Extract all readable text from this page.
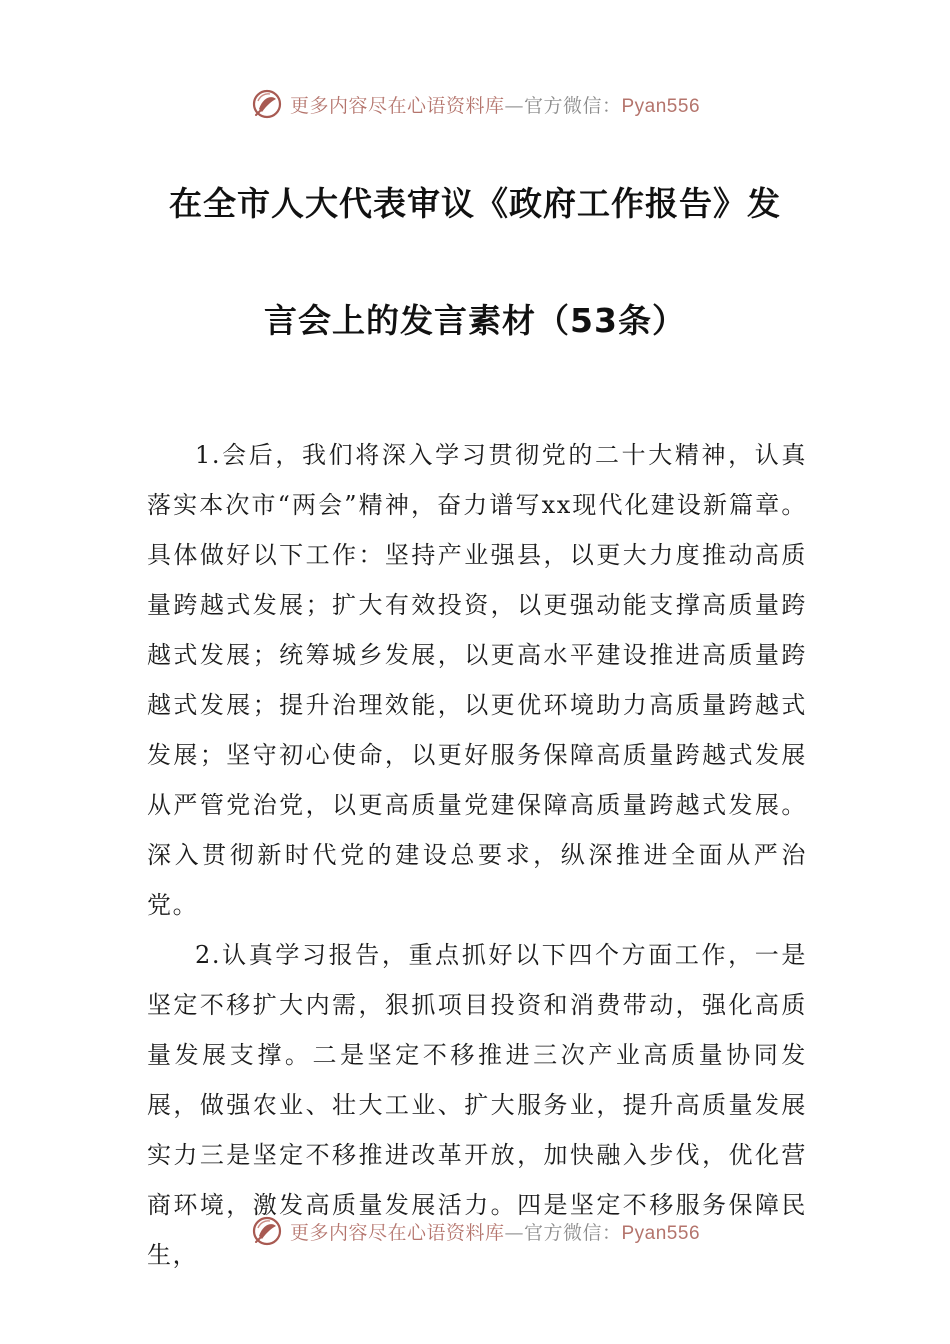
更多内容尽在心语资料库—官方微信：Pyan556
在全市人大代表审议《政府工作报告》发
言会上的发言素材（53条）

1.会后，我们将深入学习贯彻党的二十大精神，认真落实本次市“两会”精神，奋力谱写xx现代化建设新篇章。具体做好以下工作：坚持产业强县，以更大力度推动高质量跨越式发展；扩大有效投资，以更强动能支撑高质量跨越式发展；统筹城乡发展，以更高水平建设推进高质量跨越式发展；提升治理效能，以更优环境助力高质量跨越式发展；坚守初心使命，以更好服务保障高质量跨越式发展从严管党治党，以更高质量党建保障高质量跨越式发展。深入贯彻新时代党的建设总要求，纵深推进全面从严治党。

2.认真学习报告，重点抓好以下四个方面工作，一是坚定不移扩大内需，狠抓项目投资和消费带动，强化高质量发展支撑。二是坚定不移推进三次产业高质量协同发展，做强农业、壮大工业、扩大服务业，提升高质量发展实力三是坚定不移推进改革开放，加快融入步伐，优化营商环境，激发高质量发展活力。四是坚定不移服务保障民生，

更多内容尽在心语资料库—官方微信：Pyan556
